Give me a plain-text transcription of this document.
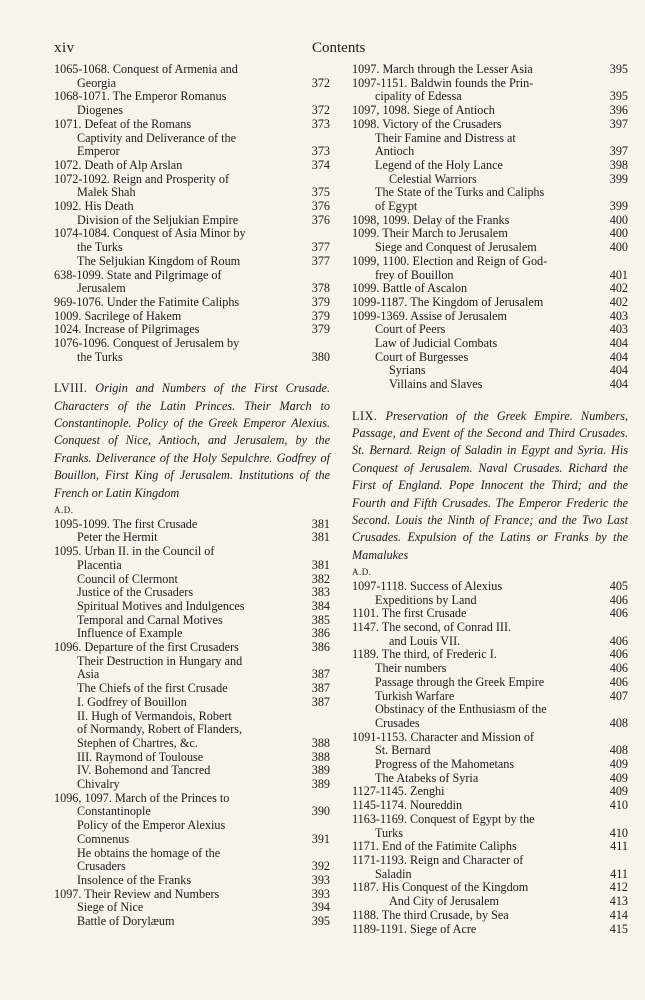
xiv	Contents
1065-1068. Conquest of Armenia and
Georgia	372
1068-1071. The Emperor Romanus
Diogenes	372
1071. Defeat of the Romans	373
Captivity and Deliverance of the
Emperor	373
1072. Death of Alp Arslan	374
1072-1092. Reign and Prosperity of
Malek Shah	375
1092. His Death	376
Division of the Seljukian Empire	376
1074-1084. Conquest of Asia Minor by
the Turks	377
The Seljukian Kingdom of Roum	377
638-1099. State and Pilgrimage of
Jerusalem	378
969-1076. Under the Fatimite Caliphs	379
1009. Sacrilege of Hakem	379
1024. Increase of Pilgrimages	379
1076-1096. Conquest of Jerusalem by
the Turks	380
LVIII. Origin and Numbers of the First Crusade. Characters of the Latin Princes. Their March to Constantinople. Policy of the Greek Emperor Alexius. Conquest of Nice, Antioch, and Jerusalem, by the Franks. Deliverance of the Holy Sepulchre. Godfrey of Bouillon, First King of Jerusalem. Institutions of the French or Latin Kingdom
A.D.
1095-1099. The first Crusade	381
Peter the Hermit	381
1095. Urban II. in the Council of
Placentia	381
Council of Clermont	382
Justice of the Crusaders	383
Spiritual Motives and Indulgences	384
Temporal and Carnal Motives	385
Influence of Example	386
1096. Departure of the first Crusaders	386
Their Destruction in Hungary and
Asia	387
The Chiefs of the first Crusade	387
I. Godfrey of Bouillon	387
II. Hugh of Vermandois, Robert
of Normandy, Robert of Flanders,
Stephen of Chartres, &c.	388
III. Raymond of Toulouse	388
IV. Bohemond and Tancred	389
Chivalry	389
1096, 1097. March of the Princes to
Constantinople	390
Policy of the Emperor Alexius
Comnenus	391
He obtains the homage of the
Crusaders	392
Insolence of the Franks	393
1097. Their Review and Numbers	393
Siege of Nice	394
Battle of Dorylæum	395
1097. March through the Lesser Asia	395
1097-1151. Baldwin founds the Prin-
cipality of Edessa	395
1097, 1098. Siege of Antioch	396
1098. Victory of the Crusaders	397
Their Famine and Distress at
Antioch	397
Legend of the Holy Lance	398
Celestial Warriors	399
The State of the Turks and Caliphs
of Egypt	399
1098, 1099. Delay of the Franks	400
1099. Their March to Jerusalem	400
Siege and Conquest of Jerusalem	400
1099, 1100. Election and Reign of God-
frey of Bouillon	401
1099. Battle of Ascalon	402
1099-1187. The Kingdom of Jerusalem	402
1099-1369. Assise of Jerusalem	403
Court of Peers	403
Law of Judicial Combats	404
Court of Burgesses	404
Syrians	404
Villains and Slaves	404
LIX. Preservation of the Greek Empire. Numbers, Passage, and Event of the Second and Third Crusades. St. Bernard. Reign of Saladin in Egypt and Syria. His Conquest of Jerusalem. Naval Crusades. Richard the First of England. Pope Innocent the Third; and the Fourth and Fifth Crusades. The Emperor Frederic the Second. Louis the Ninth of France; and the Two Last Crusades. Expulsion of the Latins or Franks by the Mamalukes
A.D.
1097-1118. Success of Alexius	405
Expeditions by Land	406
1101. The first Crusade	406
1147. The second, of Conrad III.
and Louis VII.	406
1189. The third, of Frederic I.	406
Their numbers	406
Passage through the Greek Empire	406
Turkish Warfare	407
Obstinacy of the Enthusiasm of the
Crusades	408
1091-1153. Character and Mission of
St. Bernard	408
Progress of the Mahometans	409
The Atabeks of Syria	409
1127-1145. Zenghi	409
1145-1174. Noureddin	410
1163-1169. Conquest of Egypt by the
Turks	410
1171. End of the Fatimite Caliphs	411
1171-1193. Reign and Character of
Saladin	411
1187. His Conquest of the Kingdom	412
And City of Jerusalem	413
1188. The third Crusade, by Sea	414
1189-1191. Siege of Acre	415
